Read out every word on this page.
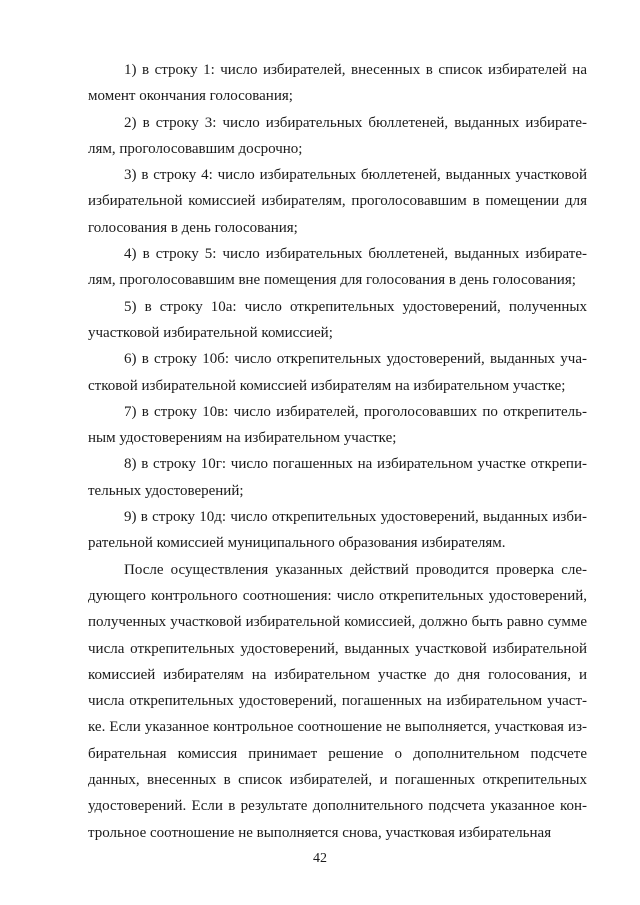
1) в строку 1: число избирателей, внесенных в список избирателей на момент окончания голосования;

2) в строку 3: число избирательных бюллетеней, выданных избирателям, проголосовавшим досрочно;

3) в строку 4: число избирательных бюллетеней, выданных участковой избирательной комиссией избирателям, проголосовавшим в помещении для голосования в день голосования;

4) в строку 5: число избирательных бюллетеней, выданных избирателям, проголосовавшим вне помещения для голосования в день голосования;

5) в строку 10а: число открепительных удостоверений, полученных участковой избирательной комиссией;

6) в строку 10б: число открепительных удостоверений, выданных участковой избирательной комиссией избирателям на избирательном участке;

7) в строку 10в: число избирателей, проголосовавших по открепительным удостоверениям на избирательном участке;

8) в строку 10г: число погашенных на избирательном участке открепительных удостоверений;

9) в строку 10д: число открепительных удостоверений, выданных избирательной комиссией муниципального образования избирателям.

После осуществления указанных действий проводится проверка следующего контрольного соотношения: число открепительных удостоверений, полученных участковой избирательной комиссией, должно быть равно сумме числа открепительных удостоверений, выданных участковой избирательной комиссией избирателям на избирательном участке до дня голосования, и числа открепительных удостоверений, погашенных на избирательном участке. Если указанное контрольное соотношение не выполняется, участковая избирательная комиссия принимает решение о дополнительном подсчете данных, внесенных в список избирателей, и погашенных открепительных удостоверений. Если в результате дополнительного подсчета указанное контрольное соотношение не выполняется снова, участковая избирательная

42
